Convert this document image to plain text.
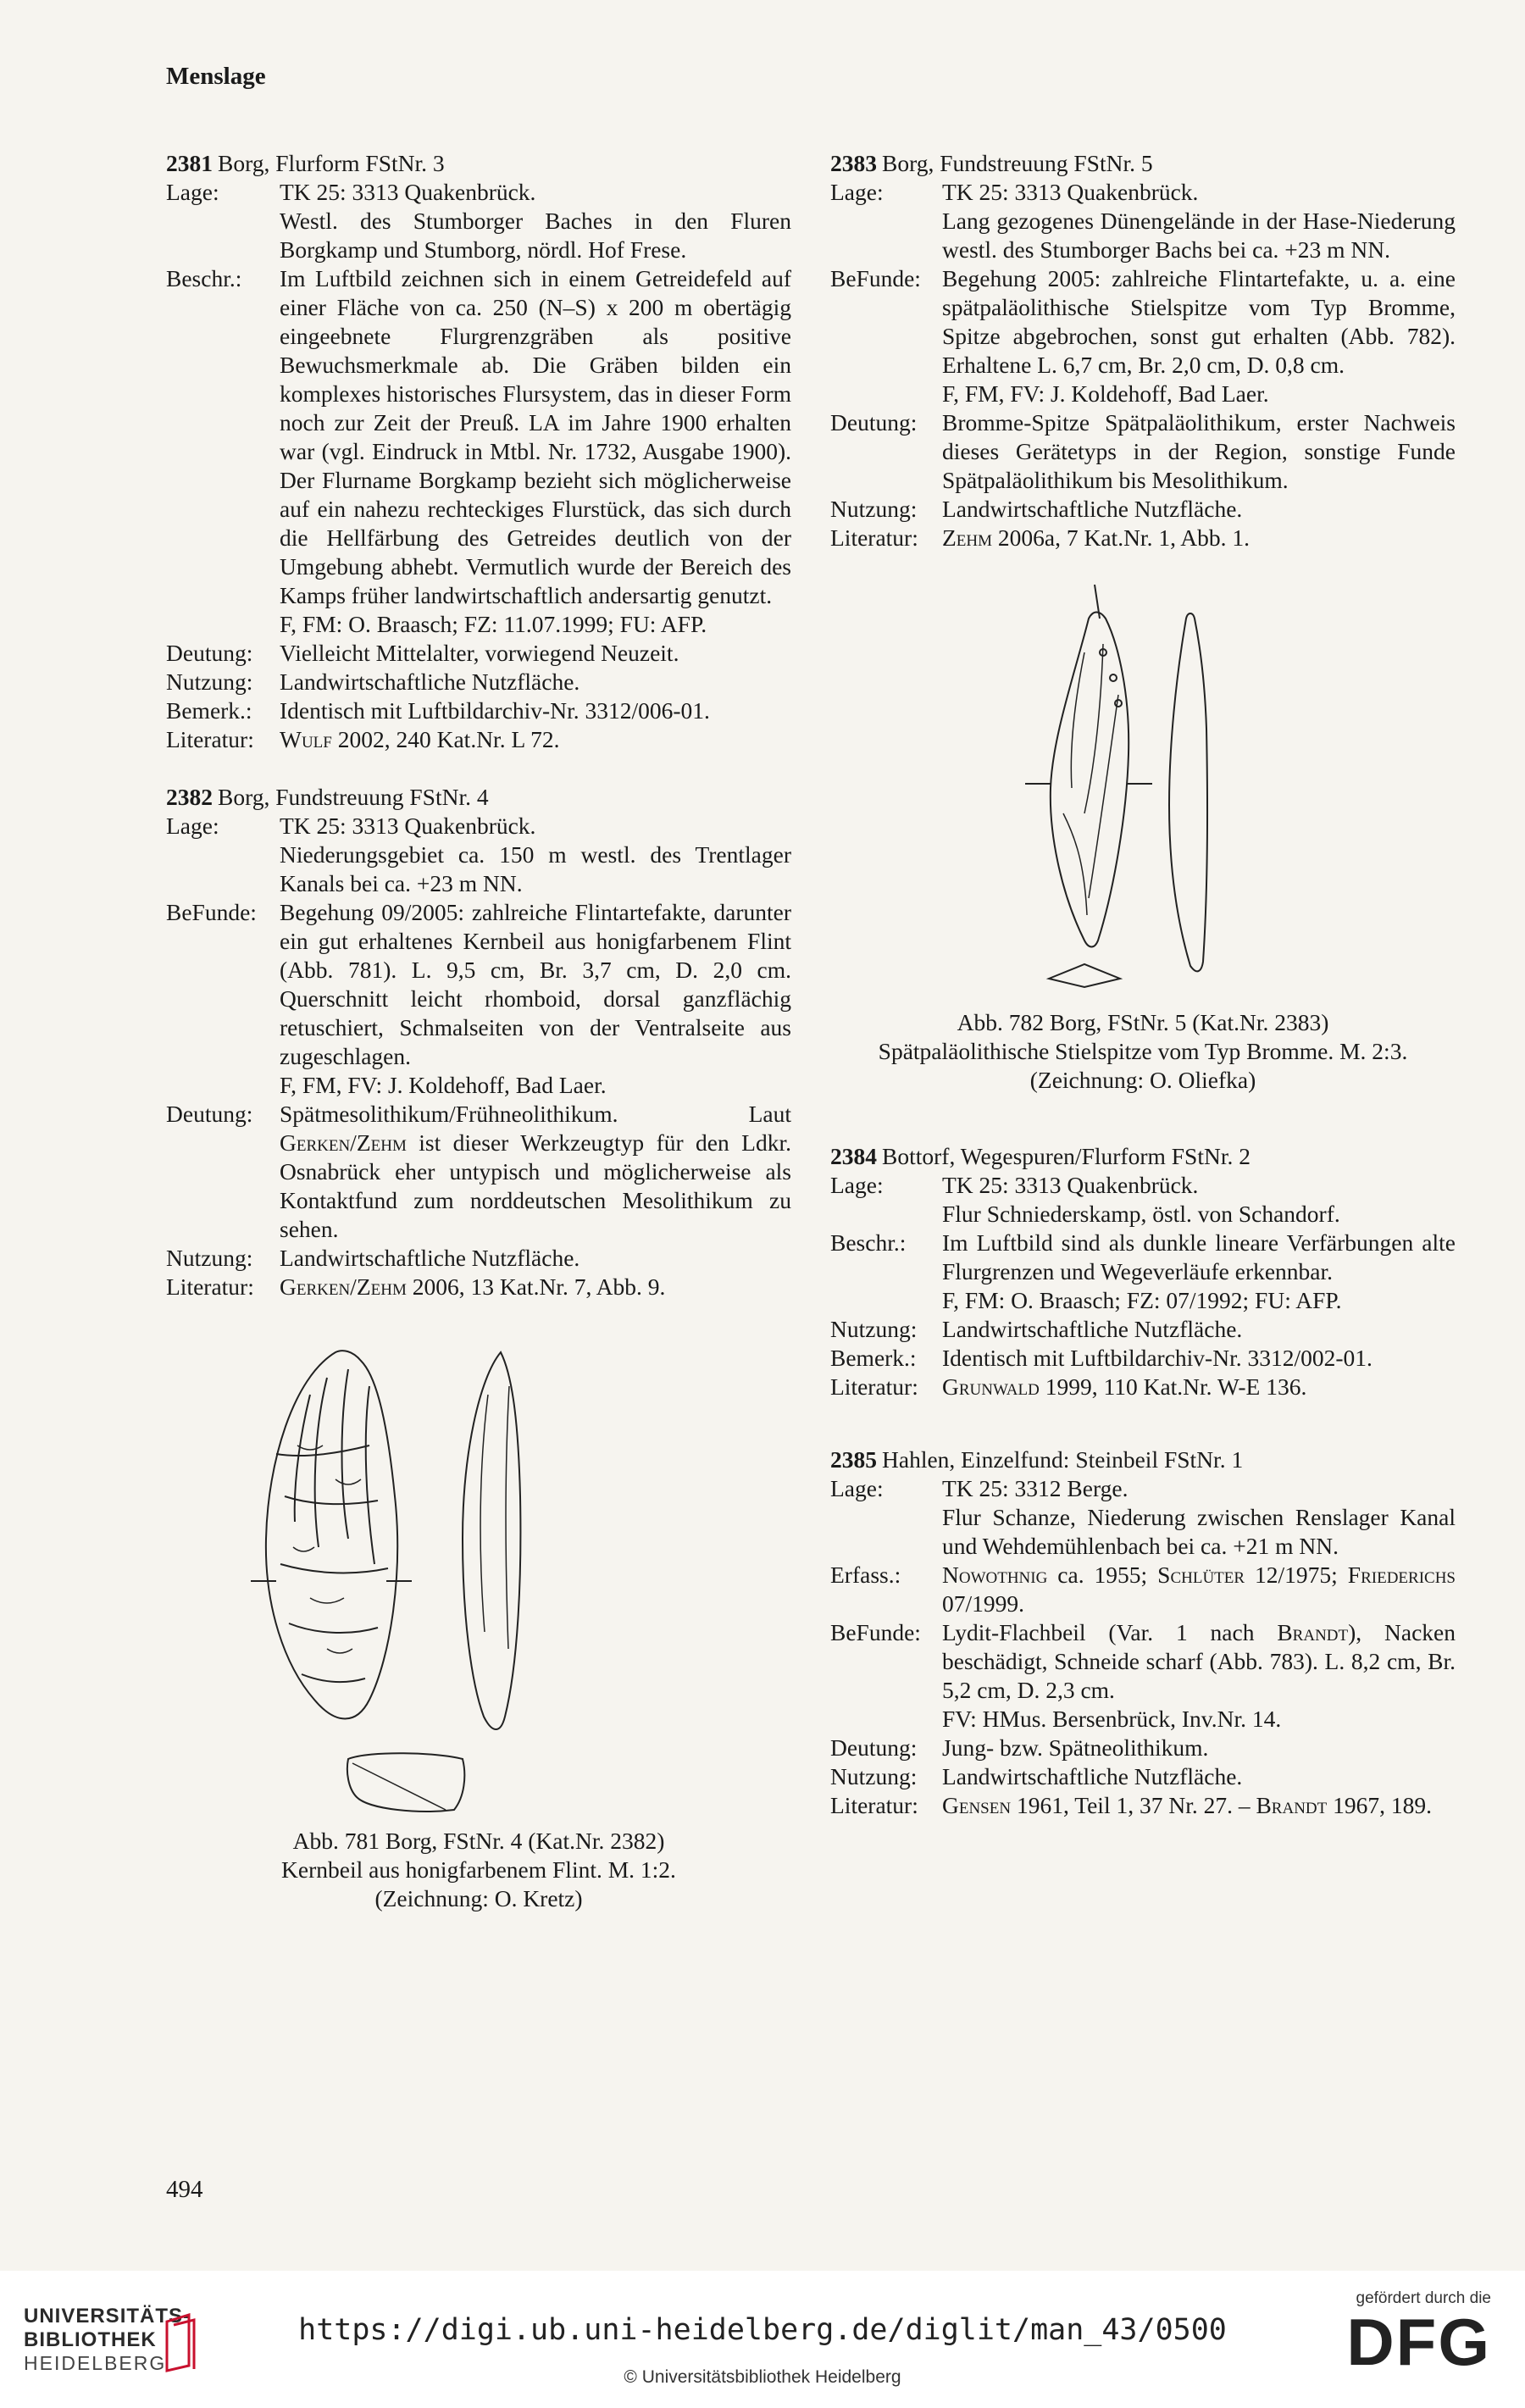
Menslage
2381 Borg, Flurform FStNr. 3
Lage:	TK 25: 3313 Quakenbrück.
Westl. des Stumborger Baches in den Fluren Borgkamp und Stumborg, nördl. Hof Frese.
Beschr.:	Im Luftbild zeichnen sich in einem Getreidefeld auf einer Fläche von ca. 250 (N–S) x 200 m obertägig eingeebnete Flurgrenzgräben als positive Bewuchsmerkmale ab. Die Gräben bilden ein komplexes historisches Flursystem, das in dieser Form noch zur Zeit der Preuß. LA im Jahre 1900 erhalten war (vgl. Eindruck in Mtbl. Nr. 1732, Ausgabe 1900). Der Flurname Borgkamp bezieht sich möglicherweise auf ein nahezu rechteckiges Flurstück, das sich durch die Hellfärbung des Getreides deutlich von der Umgebung abhebt. Vermutlich wurde der Bereich des Kamps früher landwirtschaftlich andersartig genutzt.
F, FM: O. Braasch; FZ: 11.07.1999; FU: AFP.
Deutung:	Vielleicht Mittelalter, vorwiegend Neuzeit.
Nutzung:	Landwirtschaftliche Nutzfläche.
Bemerk.:	Identisch mit Luftbildarchiv-Nr. 3312/006-01.
Literatur:	Wulf 2002, 240 Kat.Nr. L 72.
2382 Borg, Fundstreuung FStNr. 4
Lage:	TK 25: 3313 Quakenbrück.
Niederungsgebiet ca. 150 m westl. des Trentlager Kanals bei ca. +23 m NN.
BeFunde: Begehung 09/2005: zahlreiche Flintartefakte, darunter ein gut erhaltenes Kernbeil aus honigfarbenem Flint (Abb. 781). L. 9,5 cm, Br. 3,7 cm, D. 2,0 cm. Querschnitt leicht rhomboid, dorsal ganzflächig retuschiert, Schmalseiten von der Ventralseite aus zugeschlagen.
F, FM, FV: J. Koldehoff, Bad Laer.
Deutung:	Spätmesolithikum/Frühneolithikum. Laut Gerken/Zehm ist dieser Werkzeugtyp für den Ldkr. Osnabrück eher untypisch und möglicherweise als Kontaktfund zum norddeutschen Mesolithikum zu sehen.
Nutzung:	Landwirtschaftliche Nutzfläche.
Literatur:	Gerken/Zehm 2006, 13 Kat.Nr. 7, Abb. 9.
Abb. 781 Borg, FStNr. 4 (Kat.Nr. 2382)
Kernbeil aus honigfarbenem Flint. M. 1:2.
(Zeichnung: O. Kretz)
2383 Borg, Fundstreuung FStNr. 5
Lage:	TK 25: 3313 Quakenbrück.
Lang gezogenes Dünengelände in der Hase-Niederung westl. des Stumborger Bachs bei ca. +23 m NN.
BeFunde: Begehung 2005: zahlreiche Flintartefakte, u. a. eine spätpaläolithische Stielspitze vom Typ Bromme, Spitze abgebrochen, sonst gut erhalten (Abb. 782). Erhaltene L. 6,7 cm, Br. 2,0 cm, D. 0,8 cm.
F, FM, FV: J. Koldehoff, Bad Laer.
Deutung:	Bromme-Spitze Spätpaläolithikum, erster Nachweis dieses Gerätetyps in der Region, sonstige Funde Spätpaläolithikum bis Mesolithikum.
Nutzung:	Landwirtschaftliche Nutzfläche.
Literatur:	Zehm 2006a, 7 Kat.Nr. 1, Abb. 1.
Abb. 782 Borg, FStNr. 5 (Kat.Nr. 2383)
Spätpaläolithische Stielspitze vom Typ Bromme. M. 2:3.
(Zeichnung: O. Oliefka)
2384 Bottorf, Wegespuren/Flurform FStNr. 2
Lage:	TK 25: 3313 Quakenbrück.
Flur Schniederskamp, östl. von Schandorf.
Beschr.:	Im Luftbild sind als dunkle lineare Verfärbungen alte Flurgrenzen und Wegeverläufe erkennbar.
F, FM: O. Braasch; FZ: 07/1992; FU: AFP.
Nutzung:	Landwirtschaftliche Nutzfläche.
Bemerk.:	Identisch mit Luftbildarchiv-Nr. 3312/002-01.
Literatur:	Grunwald 1999, 110 Kat.Nr. W-E 136.
2385 Hahlen, Einzelfund: Steinbeil FStNr. 1
Lage:	TK 25: 3312 Berge.
Flur Schanze, Niederung zwischen Renslager Kanal und Wehdemühlenbach bei ca. +21 m NN.
Erfass.:	Nowothnig ca. 1955; Schlüter 12/1975; Friederichs 07/1999.
BeFunde: Lydit-Flachbeil (Var. 1 nach Brandt), Nacken beschädigt, Schneide scharf (Abb. 783). L. 8,2 cm, Br. 5,2 cm, D. 2,3 cm.
FV: HMus. Bersenbrück, Inv.Nr. 14.
Deutung:	Jung- bzw. Spätneolithikum.
Nutzung:	Landwirtschaftliche Nutzfläche.
Literatur:	Gensen 1961, Teil 1, 37 Nr. 27. – Brandt 1967, 189.
494
UNIVERSITÄTS-
BIBLIOTHEK
HEIDELBERG
https://digi.ub.uni-heidelberg.de/diglit/man_43/0500
© Universitätsbibliothek Heidelberg
gefördert durch die
DFG
